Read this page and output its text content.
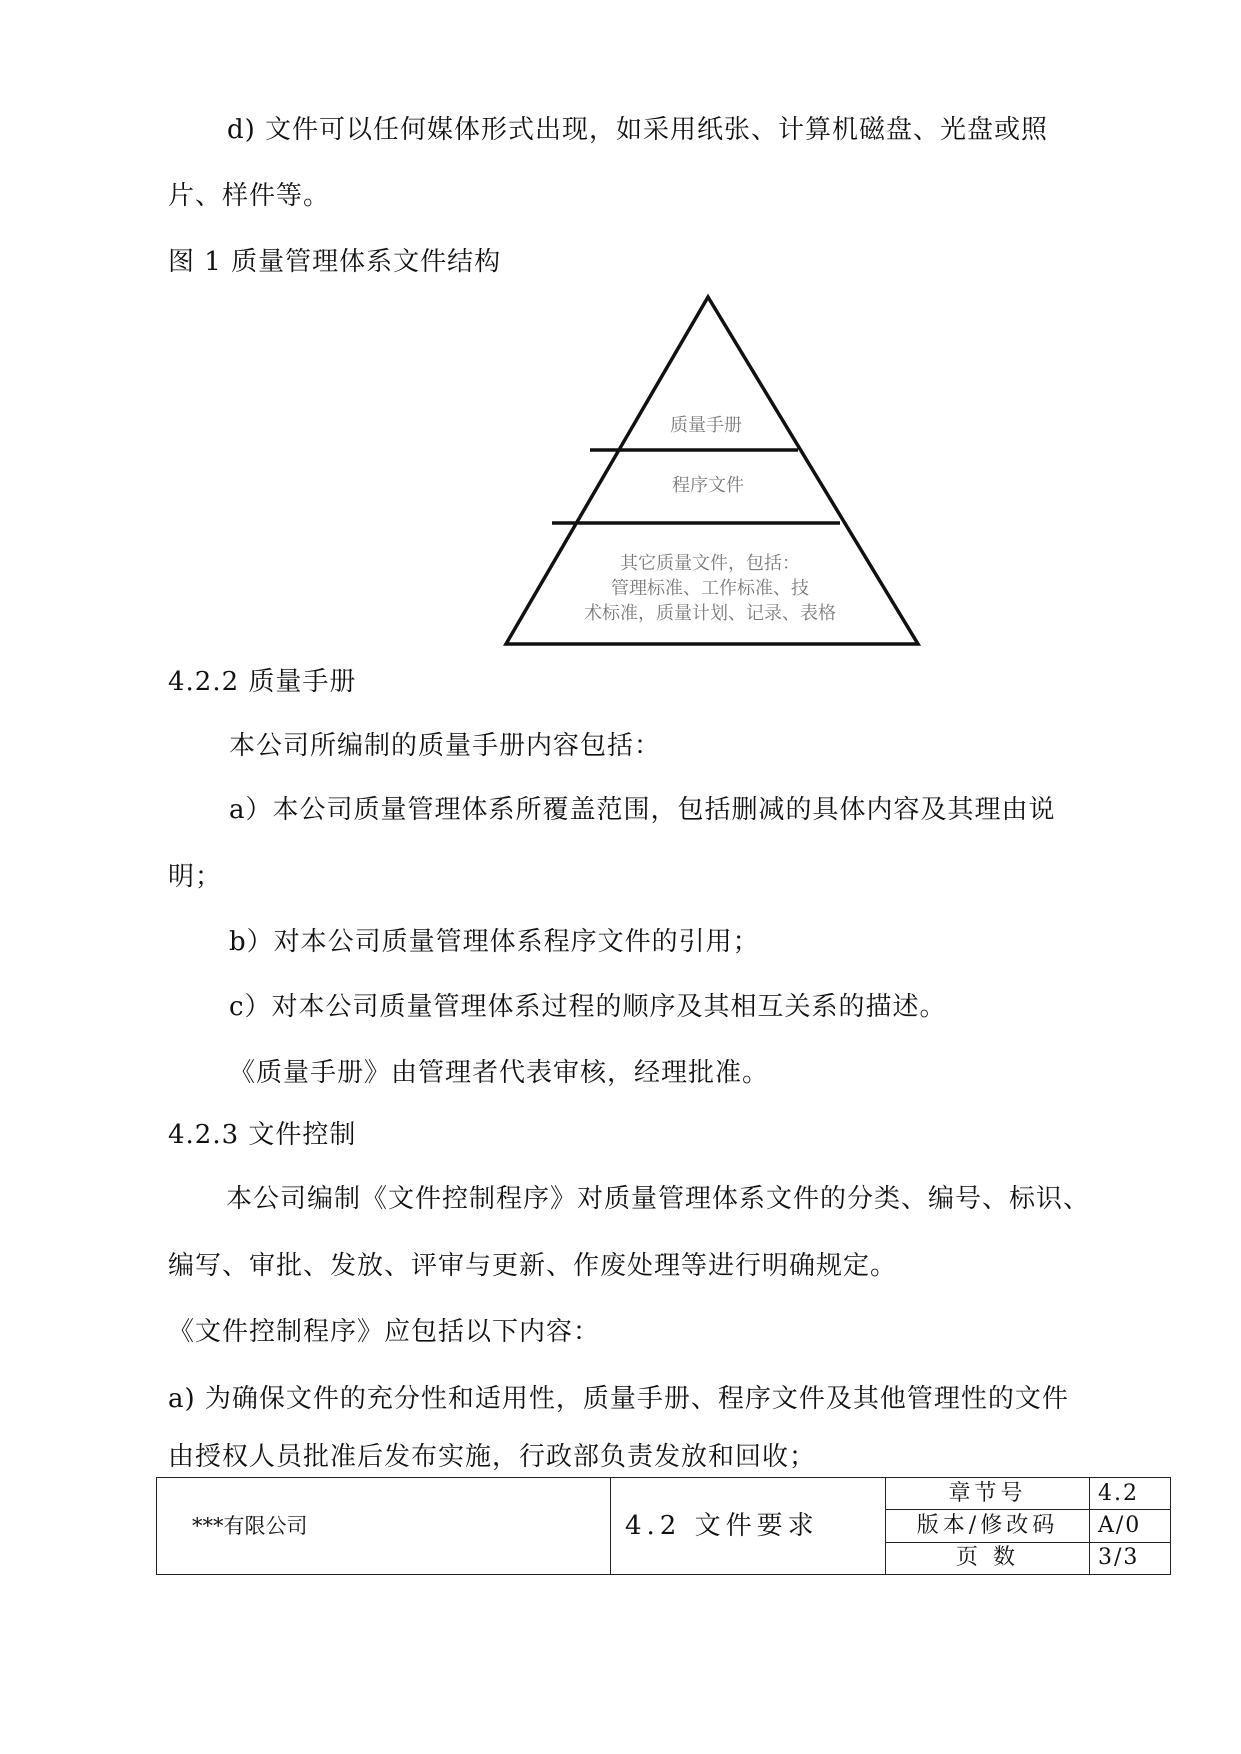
d) 文件可以任何媒体形式出现，如采用纸张、计算机磁盘、光盘或照

片、样件等。

图 1 质量管理体系文件结构

质量手册
程序文件
其它质量文件，包括：
管理标准、工作标准、技
术标准，质量计划、记录、表格
4.2.2 质量手册

本公司所编制的质量手册内容包括：

a）本公司质量管理体系所覆盖范围，包括删减的具体内容及其理由说

明；

b）对本公司质量管理体系程序文件的引用；

c）对本公司质量管理体系过程的顺序及其相互关系的描述。

《质量手册》由管理者代表审核，经理批准。

4.2.3 文件控制

本公司编制《文件控制程序》对质量管理体系文件的分类、编号、标识、

编写、审批、发放、评审与更新、作废处理等进行明确规定。

《文件控制程序》应包括以下内容：

a) 为确保文件的充分性和适用性，质量手册、程序文件及其他管理性的文件

由授权人员批准后发布实施，行政部负责发放和回收；

***有限公司	4.2 文件要求	章节号	4.2
		版本/修改码	A/0
		页 数	3/3
